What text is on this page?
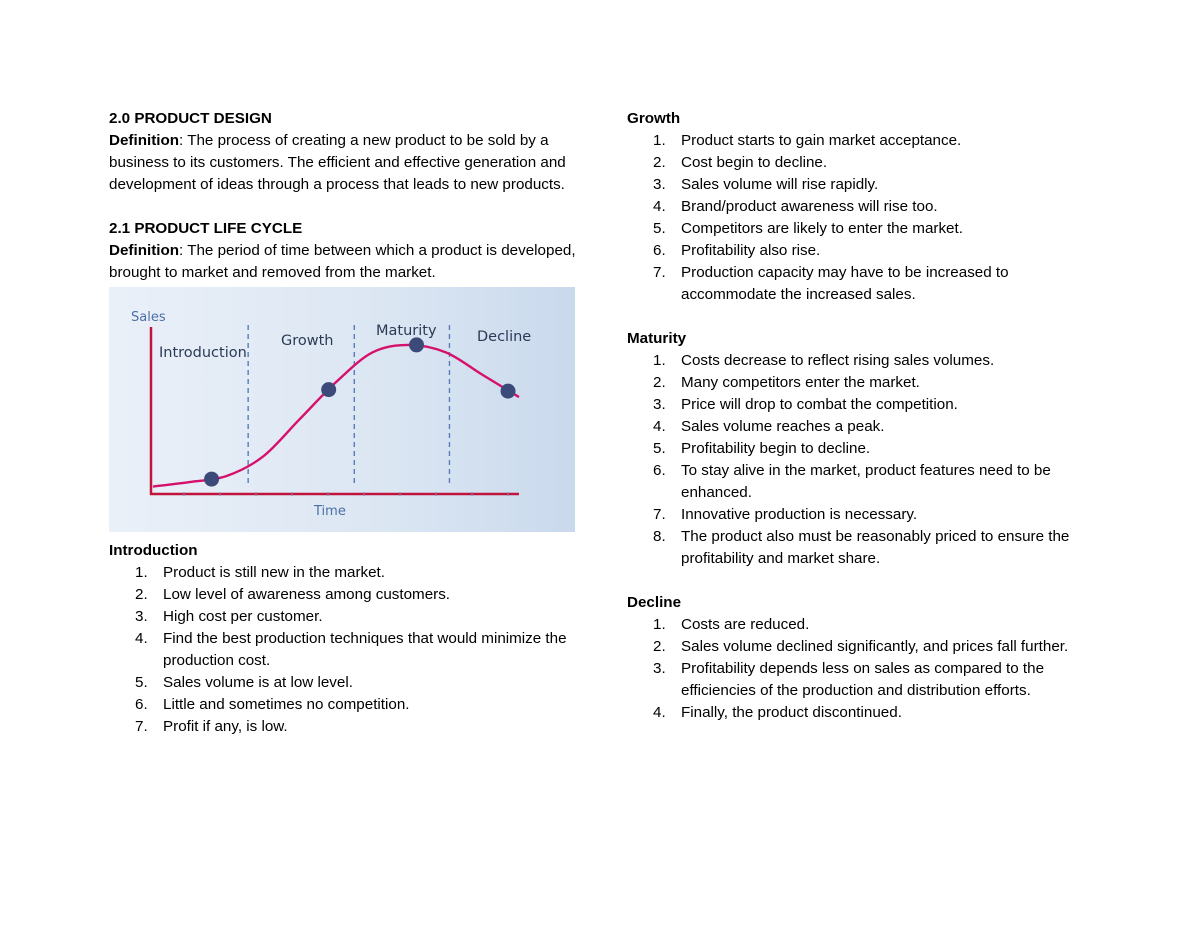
2.0 PRODUCT DESIGN

Definition: The process of creating a new product to be sold by a business to its customers. The efficient and effective generation and development of ideas through a process that leads to new products.

2.1 PRODUCT LIFE CYCLE

Definition: The period of time between which a product is developed, brought to market and removed from the market.

Sales
Time
Introduction
Growth
Maturity	Decline

Introduction

1.	Product is still new in the market.
2.	Low level of awareness among customers.
3.	High cost per customer.
4.	Find the best production techniques that would minimize the production cost.
5.	Sales volume is at low level.
6.	Little and sometimes no competition.
7.	Profit if any, is low.

Growth

1.	Product starts to gain market acceptance.
2.	Cost begin to decline.
3.	Sales volume will rise rapidly.
4.	Brand/product awareness will rise too.
5.	Competitors are likely to enter the market.
6.	Profitability also rise.
7.	Production capacity may have to be increased to accommodate the increased sales.

Maturity

1.	Costs decrease to reflect rising sales volumes.
2.	Many competitors enter the market.
3.	Price will drop to combat the competition.
4.	Sales volume reaches a peak.
5.	Profitability begin to decline.
6.	To stay alive in the market, product features need to be enhanced.
7.	Innovative production is necessary.
8.	The product also must be reasonably priced to ensure the profitability and market share.

Decline

1.	Costs are reduced.
2.	Sales volume declined significantly, and prices fall further.
3.	Profitability depends less on sales as compared to the efficiencies of the production and distribution efforts.
4.	Finally, the product discontinued.
